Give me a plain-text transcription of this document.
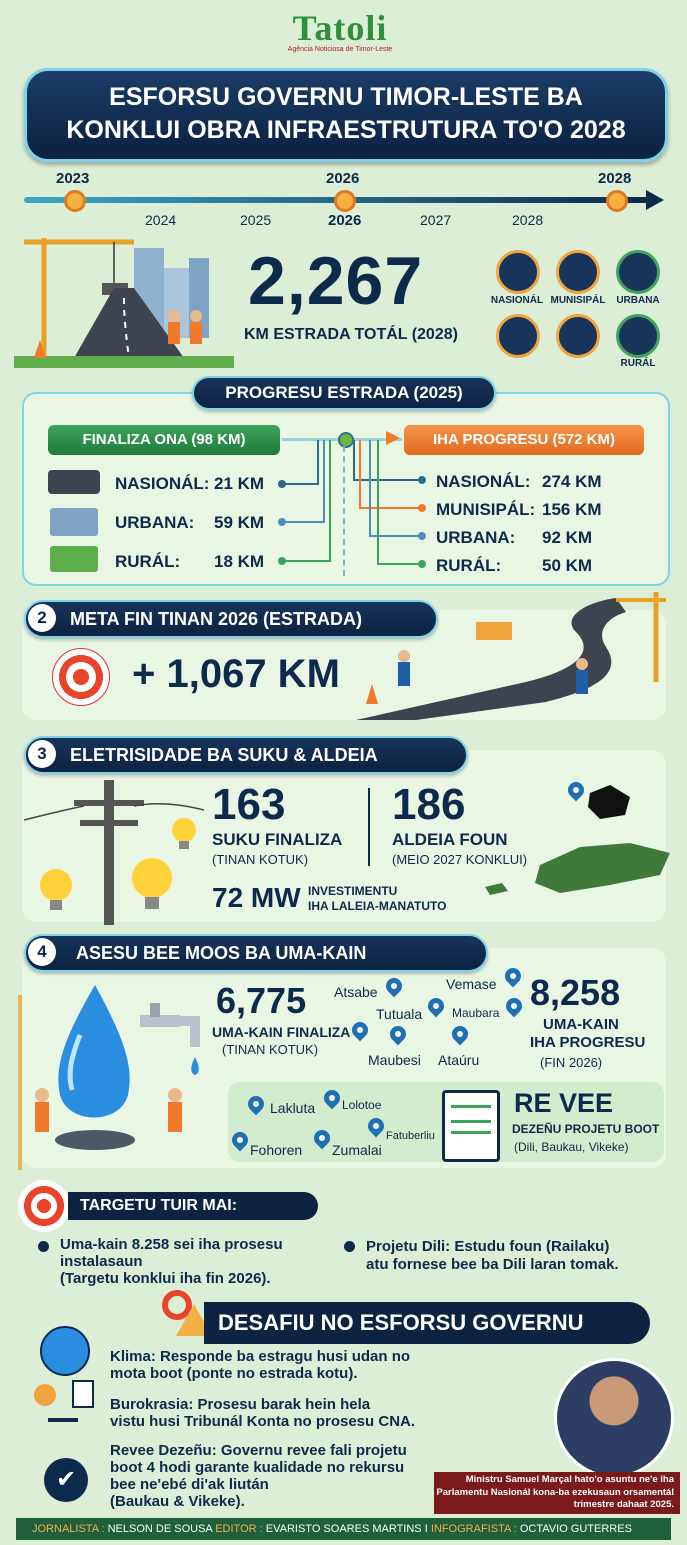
Tatoli
Agência Noticiosa de Timor-Leste
ESFORSU GOVERNU TIMOR-LESTE BA
KONKLUI OBRA INFRAESTRUTURA TO'O 2028
2023	2026	2028
2024	2025	2026	2027	2028
2,267
KM ESTRADA TOTÁL (2028)
NASIONÁL MUNISIPÁL	URBANA
RURÁL
PROGRESU ESTRADA (2025)
FINALIZA ONA (98 KM)	IHA PROGRESU (572 KM)
NASIONÁL: 21 KM
URBANA: 59 KM
RURÁL: 18 KM
NASIONÁL: 274 KM
MUNISIPÁL: 156 KM
URBANA: 92 KM
RURÁL: 50 KM
2	META FIN TINAN 2026 (ESTRADA)
+ 1,067 KM
3	ELETRISIDADE BA SUKU & ALDEIA
163
SUKU FINALIZA
(TINAN KOTUK)
186
ALDEIA FOUN
(MEIO 2027 KONKLUI)
72 MW INVESTIMENTU
IHA LALEIA-MANATUTO
4	ASESU BEE MOOS BA UMA-KAIN
6,775
UMA-KAIN FINALIZA
(TINAN KOTUK)
Atsabe	Vemase
Tutuala Maubara
Maubesi Ataúru
8,258
UMA-KAIN
IHA PROGRESU
(FIN 2026)
Lakluta Lolotoe
Fatuberliu
Fohoren Zumalai
RE VEE
DEZEÑU PROJETU BOOT
(Dili, Baukau, Vikeke)
TARGETU TUIR MAI:
Uma-kain 8.258 sei iha prosesu
instalasaun
(Targetu konklui iha fin 2026).
Projetu Dili: Estudu foun (Railaku)
atu fornese bee ba Dili laran tomak.
DESAFIU NO ESFORSU GOVERNU
✔
Klima: Responde ba estragu husi udan no
mota boot (ponte no estrada kotu).
Burokrasia: Prosesu barak hein hela
vistu husi Tribunál Konta no prosesu CNA.
Revee Dezeñu: Governu revee fali projetu
boot 4 hodi garante kualidade no rekursu
bee ne'ebé di'ak liután
(Baukau & Vikeke).
Ministru Samuel Marçal hato'o asuntu ne'e iha
Parlamentu Nasionál kona-ba ezekusaun orsamentál
trimestre dahaat 2025.
JORNALISTA : NELSON DE SOUSA EDITOR : EVARISTO SOARES MARTINS I INFOGRAFISTA : OCTAVIO GUTERRES
